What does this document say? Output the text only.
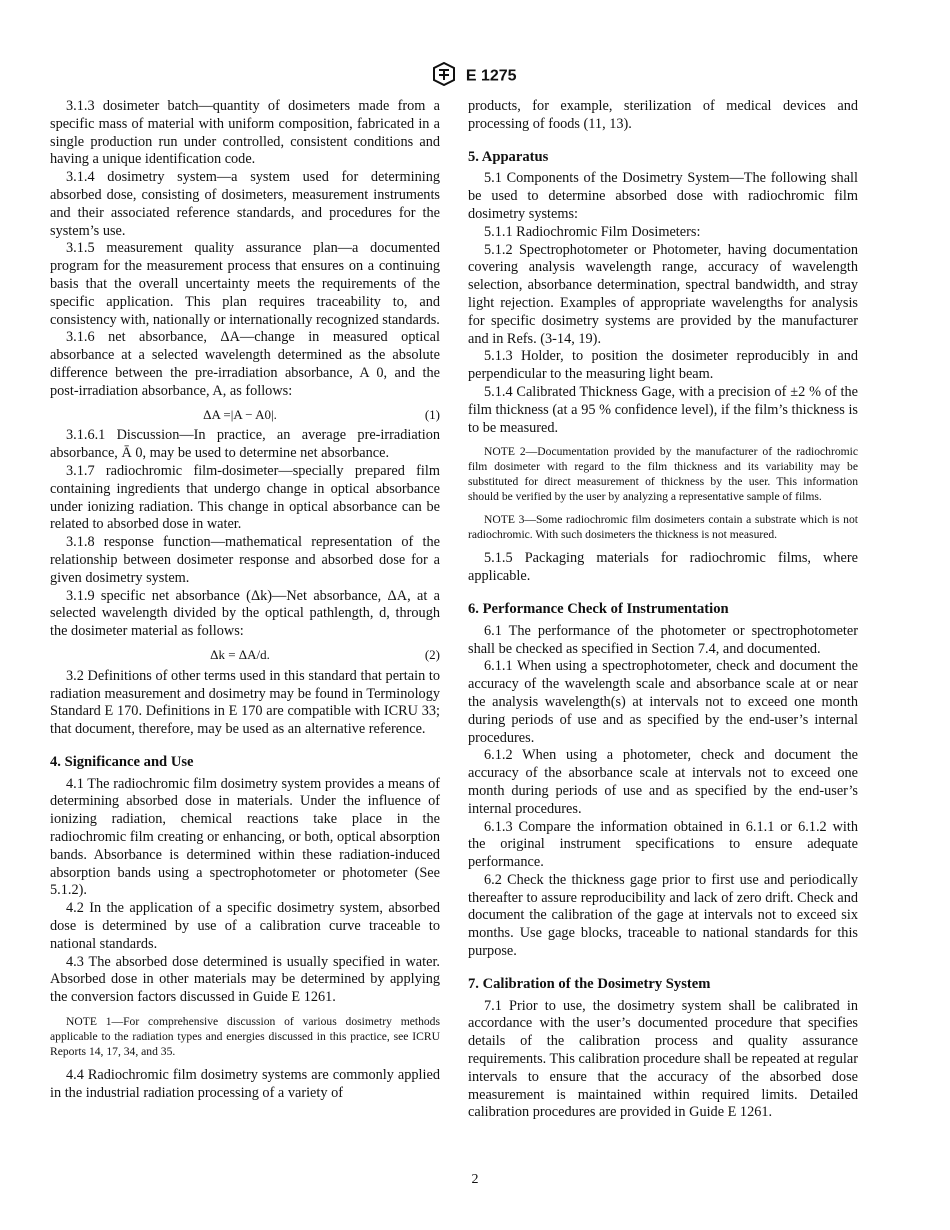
E 1275

3.1.3 dosimeter batch—quantity of dosimeters made from a specific mass of material with uniform composition, fabricated in a single production run under controlled, consistent conditions and having a unique identification code.

3.1.4 dosimetry system—a system used for determining absorbed dose, consisting of dosimeters, measurement instruments and their associated reference standards, and procedures for the system’s use.

3.1.5 measurement quality assurance plan—a documented program for the measurement process that ensures on a continuing basis that the overall uncertainty meets the requirements of the specific application. This plan requires traceability to, and consistency with, nationally or internationally recognized standards.

3.1.6 net absorbance, ΔA—change in measured optical absorbance at a selected wavelength determined as the absolute difference between the pre-irradiation absorbance, A 0, and the post-irradiation absorbance, A, as follows:

ΔA =|A − A0|.	(1)

3.1.6.1 Discussion—In practice, an average pre-irradiation absorbance, Ā 0, may be used to determine net absorbance.

3.1.7 radiochromic film-dosimeter—specially prepared film containing ingredients that undergo change in optical absorbance under ionizing radiation. This change in optical absorbance can be related to absorbed dose in water.

3.1.8 response function—mathematical representation of the relationship between dosimeter response and absorbed dose for a given dosimetry system.

3.1.9 specific net absorbance (Δk)—Net absorbance, ΔA, at a selected wavelength divided by the optical pathlength, d, through the dosimeter material as follows:

Δk = ΔA/d.	(2)

3.2 Definitions of other terms used in this standard that pertain to radiation measurement and dosimetry may be found in Terminology Standard E 170. Definitions in E 170 are compatible with ICRU 33; that document, therefore, may be used as an alternative reference.

4. Significance and Use

4.1 The radiochromic film dosimetry system provides a means of determining absorbed dose in materials. Under the influence of ionizing radiation, chemical reactions take place in the radiochromic film creating or enhancing, or both, optical absorption bands. Absorbance is determined within these radiation-induced absorption bands using a spectrophotometer or photometer (See 5.1.2).

4.2 In the application of a specific dosimetry system, absorbed dose is determined by use of a calibration curve traceable to national standards.

4.3 The absorbed dose determined is usually specified in water. Absorbed dose in other materials may be determined by applying the conversion factors discussed in Guide E 1261.

NOTE 1—For comprehensive discussion of various dosimetry methods applicable to the radiation types and energies discussed in this practice, see ICRU Reports 14, 17, 34, and 35.

4.4 Radiochromic film dosimetry systems are commonly applied in the industrial radiation processing of a variety of

products, for example, sterilization of medical devices and processing of foods (11, 13).

5. Apparatus

5.1 Components of the Dosimetry System—The following shall be used to determine absorbed dose with radiochromic film dosimetry systems:

5.1.1 Radiochromic Film Dosimeters:

5.1.2 Spectrophotometer or Photometer, having documentation covering analysis wavelength range, accuracy of wavelength selection, absorbance determination, spectral bandwidth, and stray light rejection. Examples of appropriate wavelengths for analysis for specific dosimetry systems are provided by the manufacturer and in Refs. (3-14, 19).

5.1.3 Holder, to position the dosimeter reproducibly in and perpendicular to the measuring light beam.

5.1.4 Calibrated Thickness Gage, with a precision of ±2 % of the film thickness (at a 95 % confidence level), if the film’s thickness is to be measured.

NOTE 2—Documentation provided by the manufacturer of the radiochromic film dosimeter with regard to the film thickness and its variability may be substituted for direct measurement of thickness by the user. This information should be verified by the user by analyzing a representative sample of films.

NOTE 3—Some radiochromic film dosimeters contain a substrate which is not radiochromic. With such dosimeters the thickness is not measured.

5.1.5 Packaging materials for radiochromic films, where applicable.

6. Performance Check of Instrumentation

6.1 The performance of the photometer or spectrophotometer shall be checked as specified in Section 7.4, and documented.

6.1.1 When using a spectrophotometer, check and document the accuracy of the wavelength scale and absorbance scale at or near the analysis wavelength(s) at intervals not to exceed one month during periods of use and as specified by the end-user’s internal procedures.

6.1.2 When using a photometer, check and document the accuracy of the absorbance scale at intervals not to exceed one month during periods of use and as specified by the end-user’s internal procedures.

6.1.3 Compare the information obtained in 6.1.1 or 6.1.2 with the original instrument specifications to ensure adequate performance.

6.2 Check the thickness gage prior to first use and periodically thereafter to assure reproducibility and lack of zero drift. Check and document the calibration of the gage at intervals not to exceed six months. Use gage blocks, traceable to national standards for this purpose.

7. Calibration of the Dosimetry System

7.1 Prior to use, the dosimetry system shall be calibrated in accordance with the user’s documented procedure that specifies details of the calibration process and quality assurance requirements. This calibration procedure shall be repeated at regular intervals to ensure that the accuracy of the absorbed dose measurement is maintained within required limits. Detailed calibration procedures are provided in Guide E 1261.

2
